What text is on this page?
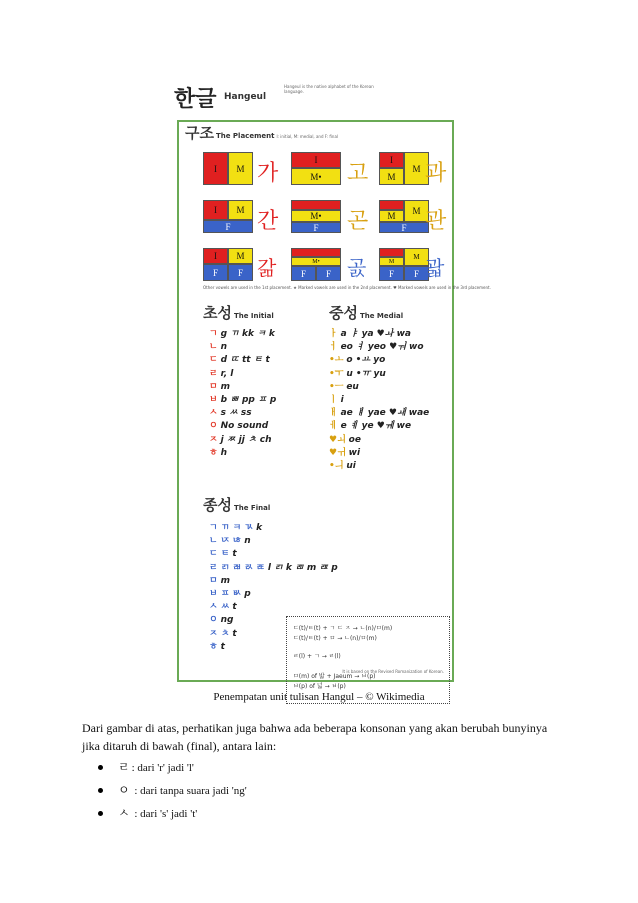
한글 Hangeul
Hangeul is the native alphabet of the Korean language.
구조 The Placement I: initial, M: medial, and F: final
I	M 가
I
M•	고
I
M
M 과
I	M
F	간	M•
F	곤	M	M
F 관
I	M
F	F 갊	M•
F	F 곬	M
M
F	F 괇
Other vowels are used in the 1st placement. ★ Marked vowels are used in the 2nd placement. ♥ Marked vowels are used in the 3rd placement.
초성 The Initial
ㄱ g ㄲ kk ㅋ k
ㄴ n
ㄷ d ㄸ tt ㅌ t
ㄹ r, l
ㅁ m
ㅂ b ㅃ pp ㅍ p
ㅅ s ㅆ ss
ㅇ No sound
ㅈ j ㅉ jj ㅊ ch
ㅎ h
중성 The Medial
ㅏ a ㅑ ya ♥ㅘ wa
ㅓ eo ㅕ yeo ♥ㅝ wo
•ㅗ o •ㅛ yo
•ㅜ u •ㅠ yu
•ㅡ eu
ㅣ i
ㅐ ae ㅒ yae ♥ㅙ wae
ㅔ e ㅖ ye ♥ㅞ we
♥ㅚ oe
♥ㅟ wi
•ㅢ ui
종성 The Final
ㄱ ㄲ ㅋ ㄳ k
ㄴ ㄵ ㄶ n
ㄷ ㅌ t
ㄹ ㄺ ㄼ ㄽ ㄾ l ㄺ k ㄻ m ㄿ p
ㅁ m
ㅂ ㅍ ㅄ p
ㅅ ㅆ t
ㅇ ng
ㅈ ㅊ t
ㅎ t
ㄷ(t)/ㅌ(t) + ㄱ ㄷ ㅈ → ㄴ(n)/ㅁ(m)
ㄷ(t)/ㅌ(t) + ㅁ → ㄴ(n)/ㅁ(m)
ㄹ(l) + ㄱ → ㄹ(l)
ㅁ(m) of 밟 + Jaeum → ㅂ(p)
ㅂ(p) of 넓 → ㅂ(p)
It is based on the Revised Romanization of Korean.
Penempatan unit tulisan Hangul – © Wikimedia
Dari gambar di atas, perhatikan juga bahwa ada beberapa konsonan yang akan berubah bunyinya jika ditaruh di bawah (final), antara lain:
ㄹ : dari 'r' jadi 'l'
ㅇ : dari tanpa suara jadi 'ng'
ㅅ : dari 's' jadi 't'
